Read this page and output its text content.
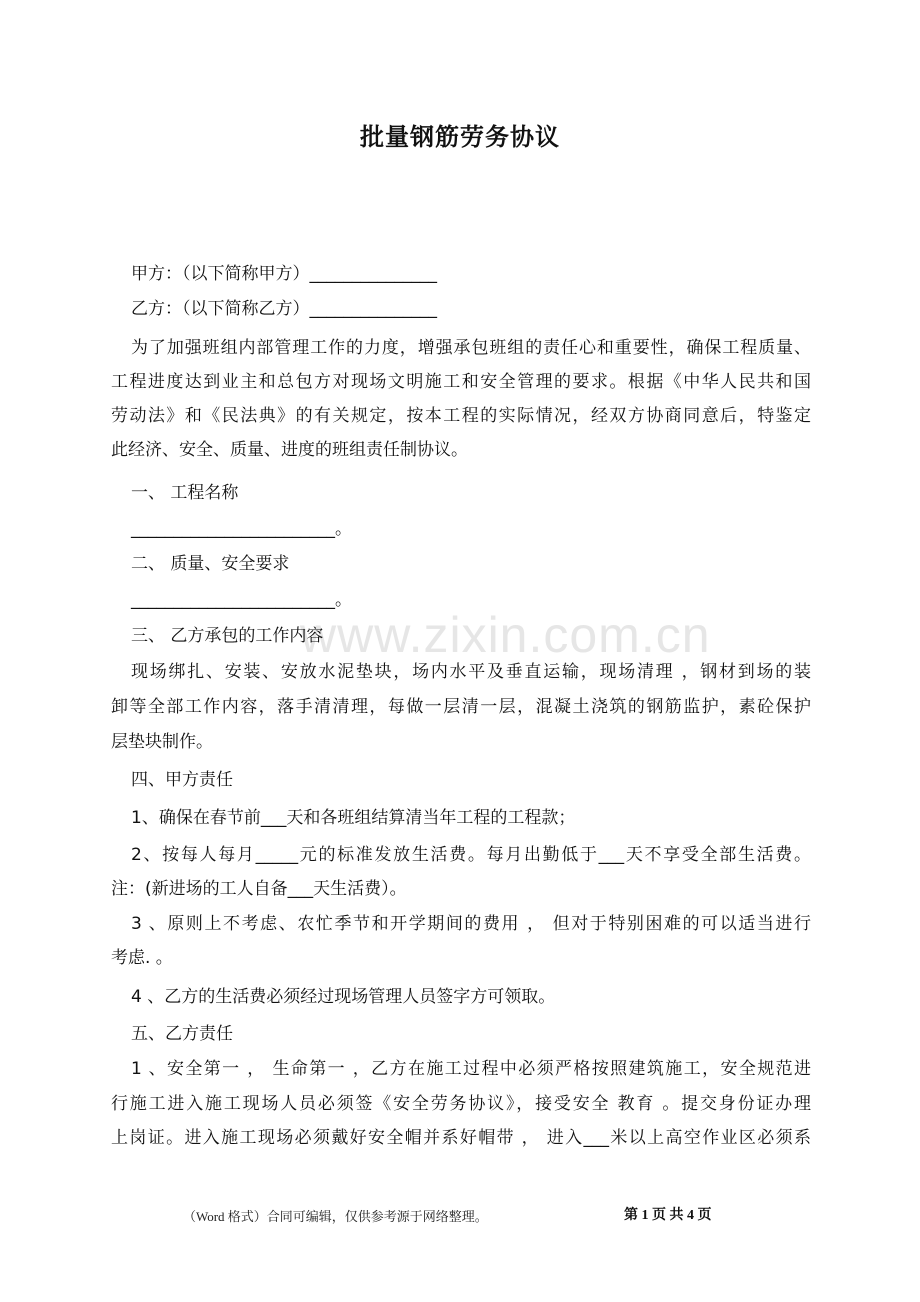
www.zixin.com.cn
批量钢筋劳务协议
甲方：（以下简称甲方）_______________
乙方：（以下简称乙方）_______________
为了加强班组内部管理工作的力度，增强承包班组的责任心和重要性，确保工程质量、
工程进度达到业主和总包方对现场文明施工和安全管理的要求。根据《中华人民共和国
劳动法》和《民法典》的有关规定，按本工程的实际情况，经双方协商同意后，特鉴定
此经济、安全、质量、进度的班组责任制协议。
一、 工程名称
________________________。
二、 质量、安全要求
________________________。
三、 乙方承包的工作内容
现场绑扎、安装、安放水泥垫块，场内水平及垂直运输，现场清理 ，钢材到场的装
卸等全部工作内容，落手清清理，每做一层清一层，混凝土浇筑的钢筋监护，素砼保护
层垫块制作。
四、甲方责任
1、确保在春节前___天和各班组结算清当年工程的工程款；
2、按每人每月_____元的标准发放生活费。每月出勤低于___天不享受全部生活费。
注：(新进场的工人自备___天生活费）。
3 、原则上不考虑、农忙季节和开学期间的费用 ， 但对于特别困难的可以适当进行
考虑. 。
4 、乙方的生活费必须经过现场管理人员签字方可领取。
五、乙方责任
1 、安全第一 ， 生命第一 ，乙方在施工过程中必须严格按照建筑施工，安全规范进
行施工进入施工现场人员必须签《安全劳务协议》，接受安全 教育 。提交身份证办理
上岗证。进入施工现场必须戴好安全帽并系好帽带 ， 进入___米以上高空作业区必须系
（Word 格式）合同可编辑，仅供参考源于网络整理。	第 1 页 共 4 页
